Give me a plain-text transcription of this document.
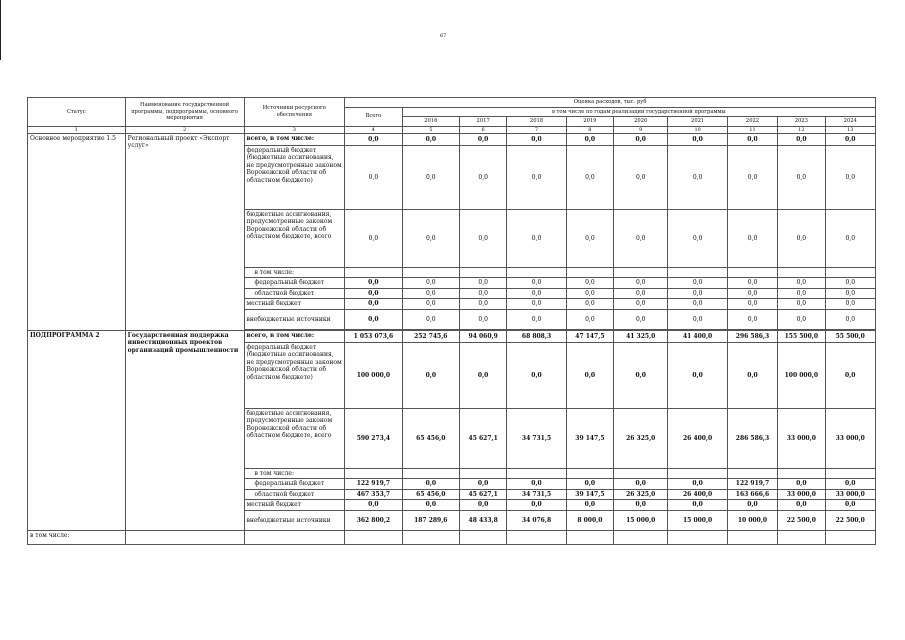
67
Статус	Наименование государственной программы, подпрограммы, основного мероприятия	Источники ресурсного обеспечения	Оценка расходов, тыс. руб									
			Всего	в том числе по годам реализации государственной программы								
				2016	2017	2018	2019	2020	2021	2022	2023	2024
1	2	3	4	5	6	7	8	9	10	11	12	13
Основное мероприятие 1.5	Региональный проект «Экспорт услуг»	всего, в том числе:	0,0	0,0	0,0	0,0	0,0	0,0	0,0	0,0	0,0	0,0
		федеральный бюджет (бюджетные ассигнования, не предусмотренные законом Воронежской области об областном бюджете)	0,0	0,0	0,0	0,0	0,0	0,0	0,0	0,0	0,0	0,0
		бюджетные ассигнования, предусмотренные законом Воронежской области об областном бюджете, всего	0,0	0,0	0,0	0,0	0,0	0,0	0,0	0,0	0,0	0,0
		в том числе:										
		федеральный бюджет	0,0	0,0	0,0	0,0	0,0	0,0	0,0	0,0	0,0	0,0
		областной бюджет	0,0	0,0	0,0	0,0	0,0	0,0	0,0	0,0	0,0	0,0
		местный бюджет	0,0	0,0	0,0	0,0	0,0	0,0	0,0	0,0	0,0	0,0
		внебюджетные источники	0,0	0,0	0,0	0,0	0,0	0,0	0,0	0,0	0,0	0,0

ПОДПРОГРАММА 2	Государственная поддержка инвестиционных проектов организаций промышленности	всего, в том числе:	1 053 073,6	252 745,6	94 060,9	68 808,3	47 147,5	41 325,0	41 400,0	296 586,3	155 500,0	55 500,0
		федеральный бюджет (бюджетные ассигнования, не предусмотренные законом Воронежской области об областном бюджете)	100 000,0	0,0	0,0	0,0	0,0	0,0	0,0	0,0	100 000,0	0,0
		бюджетные ассигнования, предусмотренные законом Воронежской области об областном бюджете, всего	590 273,4	65 456,0	45 627,1	34 731,5	39 147,5	26 325,0	26 400,0	286 586,3	33 000,0	33 000,0
		в том числе:										
		федеральный бюджет	122 919,7	0,0	0,0	0,0	0,0	0,0	0,0	122 919,7	0,0	0,0
		областной бюджет	467 353,7	65 456,0	45 627,1	34 731,5	39 147,5	26 325,0	26 400,0	163 666,6	33 000,0	33 000,0
		местный бюджет	0,0	0,0	0,0	0,0	0,0	0,0	0,0	0,0	0,0	0,0
		внебюджетные источники	362 800,2	187 289,6	48 433,8	34 076,8	8 000,0	15 000,0	15 000,0	10 000,0	22 500,0	22 500,0
в том числе:												
